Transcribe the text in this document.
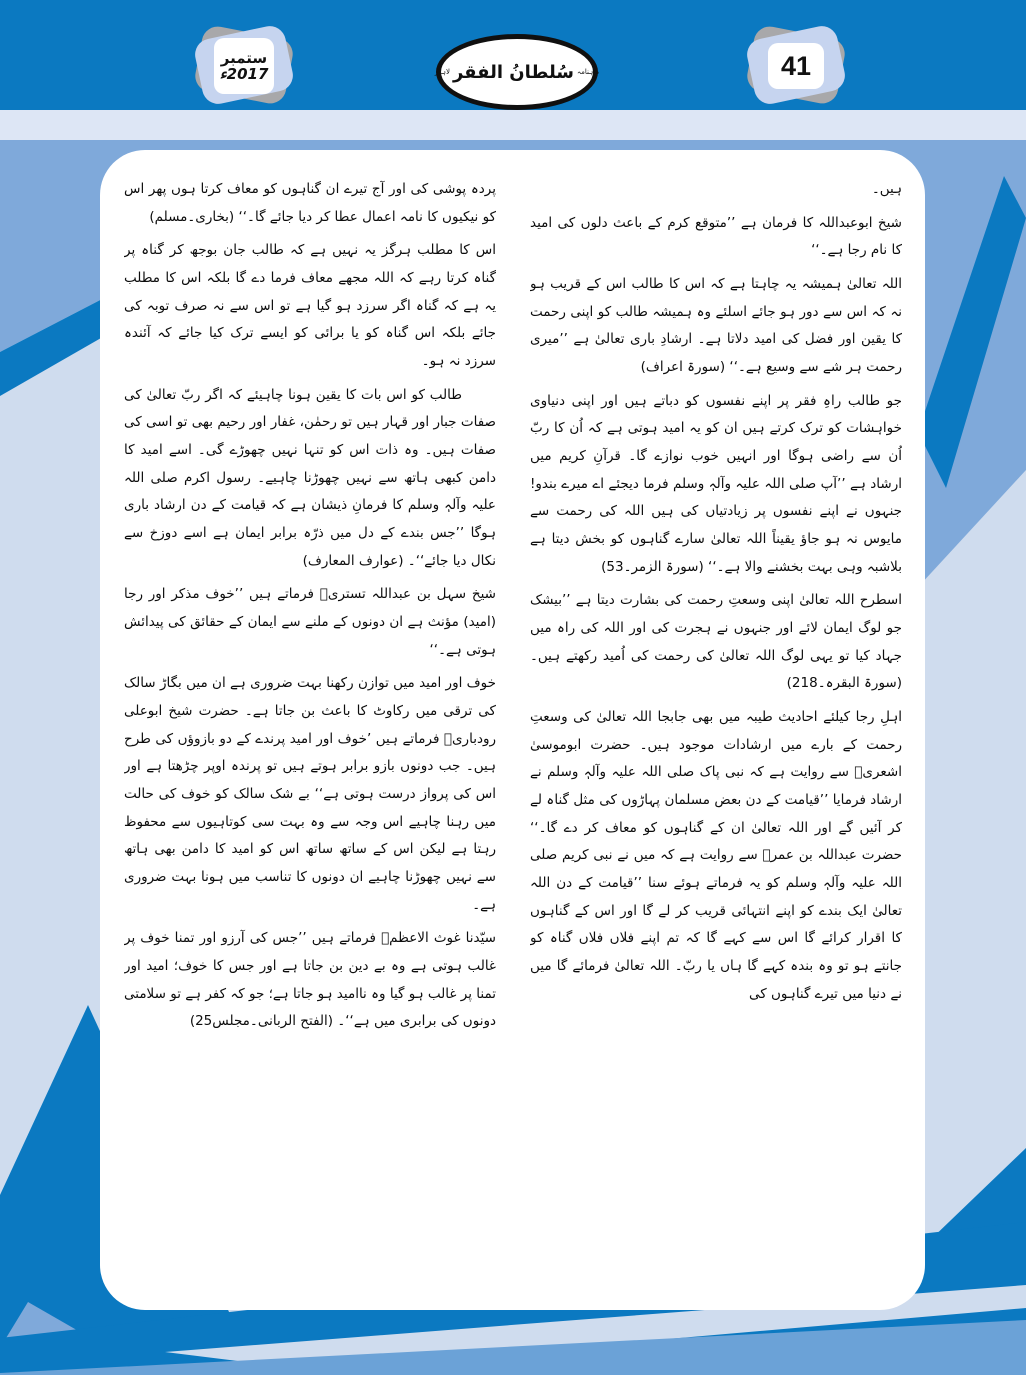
ستمبر
2017ء	ماہنامہ
سُلطانُ الفقر
لاہور	41

ہیں۔

شیخ ابوعبداللہ کا فرمان ہے ’’متوقع کرم کے باعث دلوں کی امید کا نام رجا ہے۔‘‘

اللہ تعالیٰ ہمیشہ یہ چاہتا ہے کہ اس کا طالب اس کے قریب ہو نہ کہ اس سے دور ہو جائے اسلئے وہ ہمیشہ طالب کو اپنی رحمت کا یقین اور فضل کی امید دلاتا ہے۔ ارشادِ باری تعالیٰ ہے ’’میری رحمت ہر شے سے وسیع ہے۔‘‘ (سورۃ اعراف)

جو طالب راہِ فقر پر اپنے نفسوں کو دباتے ہیں اور اپنی دنیاوی خواہشات کو ترک کرتے ہیں ان کو یہ امید ہوتی ہے کہ اُن کا ربّ اُن سے راضی ہوگا اور انہیں خوب نوازے گا۔ قرآنِ کریم میں ارشاد ہے ’’آپ صلی اللہ علیہ وآلہٖ وسلم فرما دیجئے اے میرے بندو! جنہوں نے اپنے نفسوں پر زیادتیاں کی ہیں اللہ کی رحمت سے مایوس نہ ہو جاؤ یقیناً اللہ تعالیٰ سارے گناہوں کو بخش دیتا ہے بلاشبہ وہی بہت بخشنے والا ہے۔‘‘ (سورۃ الزمر۔53)

اسطرح اللہ تعالیٰ اپنی وسعتِ رحمت کی بشارت دیتا ہے ’’بیشک جو لوگ ایمان لائے اور جنہوں نے ہجرت کی اور اللہ کی راہ میں جہاد کیا تو یہی لوگ اللہ تعالیٰ کی رحمت کی اُمید رکھتے ہیں۔ (سورۃ البقرہ۔218)

اہلِ رجا کیلئے احادیث طیبہ میں بھی جابجا اللہ تعالیٰ کی وسعتِ رحمت کے بارے میں ارشادات موجود ہیں۔ حضرت ابوموسیٰ اشعریؓ سے روایت ہے کہ نبی پاک صلی اللہ علیہ وآلہٖ وسلم نے ارشاد فرمایا ’’قیامت کے دن بعض مسلمان پہاڑوں کی مثل گناہ لے کر آئیں گے اور اللہ تعالیٰ ان کے گناہوں کو معاف کر دے گا۔‘‘ حضرت عبداللہ بن عمرؓ سے روایت ہے کہ میں نے نبی کریم صلی اللہ علیہ وآلہٖ وسلم کو یہ فرماتے ہوئے سنا ’’قیامت کے دن اللہ تعالیٰ ایک بندے کو اپنے انتہائی قریب کر لے گا اور اس کے گناہوں کا اقرار کرائے گا اس سے کہے گا کہ تم اپنے فلاں فلاں گناہ کو جانتے ہو تو وہ بندہ کہے گا ہاں یا ربّ۔ اللہ تعالیٰ فرمائے گا میں نے دنیا میں تیرے گناہوں کی

پردہ پوشی کی اور آج تیرے ان گناہوں کو معاف کرتا ہوں پھر اس کو نیکیوں کا نامہ اعمال عطا کر دیا جائے گا۔‘‘ (بخاری۔مسلم)

اس کا مطلب ہرگز یہ نہیں ہے کہ طالب جان بوجھ کر گناہ پر گناہ کرتا رہے کہ اللہ مجھے معاف فرما دے گا بلکہ اس کا مطلب یہ ہے کہ گناہ اگر سرزد ہو گیا ہے تو اس سے نہ صرف توبہ کی جائے بلکہ اس گناہ کو یا برائی کو ایسے ترک کیا جائے کہ آئندہ سرزد نہ ہو۔

طالب کو اس بات کا یقین ہونا چاہیئے کہ اگر ربّ تعالیٰ کی صفات جبار اور قہار ہیں تو رحمٰن، غفار اور رحیم بھی تو اسی کی صفات ہیں۔ وہ ذات اس کو تنہا نہیں چھوڑے گی۔ اسے امید کا دامن کبھی ہاتھ سے نہیں چھوڑنا چاہیے۔ رسول اکرم صلی اللہ علیہ وآلہٖ وسلم کا فرمانِ ذیشان ہے کہ قیامت کے دن ارشاد باری ہوگا ’’جس بندے کے دل میں ذرّہ برابر ایمان ہے اسے دوزخ سے نکال دیا جائے‘‘۔ (عوارف المعارف)

شیخ سہل بن عبداللہ تستریؒ فرماتے ہیں ’’خوف مذکر اور رجا (امید) مؤنث ہے ان دونوں کے ملنے سے ایمان کے حقائق کی پیدائش ہوتی ہے۔‘‘

خوف اور امید میں توازن رکھنا بہت ضروری ہے ان میں بگاڑ سالک کی ترقی میں رکاوٹ کا باعث بن جاتا ہے۔ حضرت شیخ ابوعلی رودباریؒ فرماتے ہیں ’خوف اور امید پرندے کے دو بازوؤں کی طرح ہیں۔ جب دونوں بازو برابر ہوتے ہیں تو پرندہ اوپر چڑھتا ہے اور اس کی پرواز درست ہوتی ہے‘‘ بے شک سالک کو خوف کی حالت میں رہنا چاہیے اس وجہ سے وہ بہت سی کوتاہیوں سے محفوظ رہتا ہے لیکن اس کے ساتھ ساتھ اس کو امید کا دامن بھی ہاتھ سے نہیں چھوڑنا چاہیے ان دونوں کا تناسب میں ہونا بہت ضروری ہے۔

سیّدنا غوث الاعظمؓ فرماتے ہیں ’’جس کی آرزو اور تمنا خوف پر غالب ہوتی ہے وہ بے دین بن جاتا ہے اور جس کا خوف؛ امید اور تمنا پر غالب ہو گیا وہ ناامید ہو جاتا ہے؛ جو کہ کفر ہے تو سلامتی دونوں کی برابری میں ہے‘‘۔ (الفتح الربانی۔مجلس25)
